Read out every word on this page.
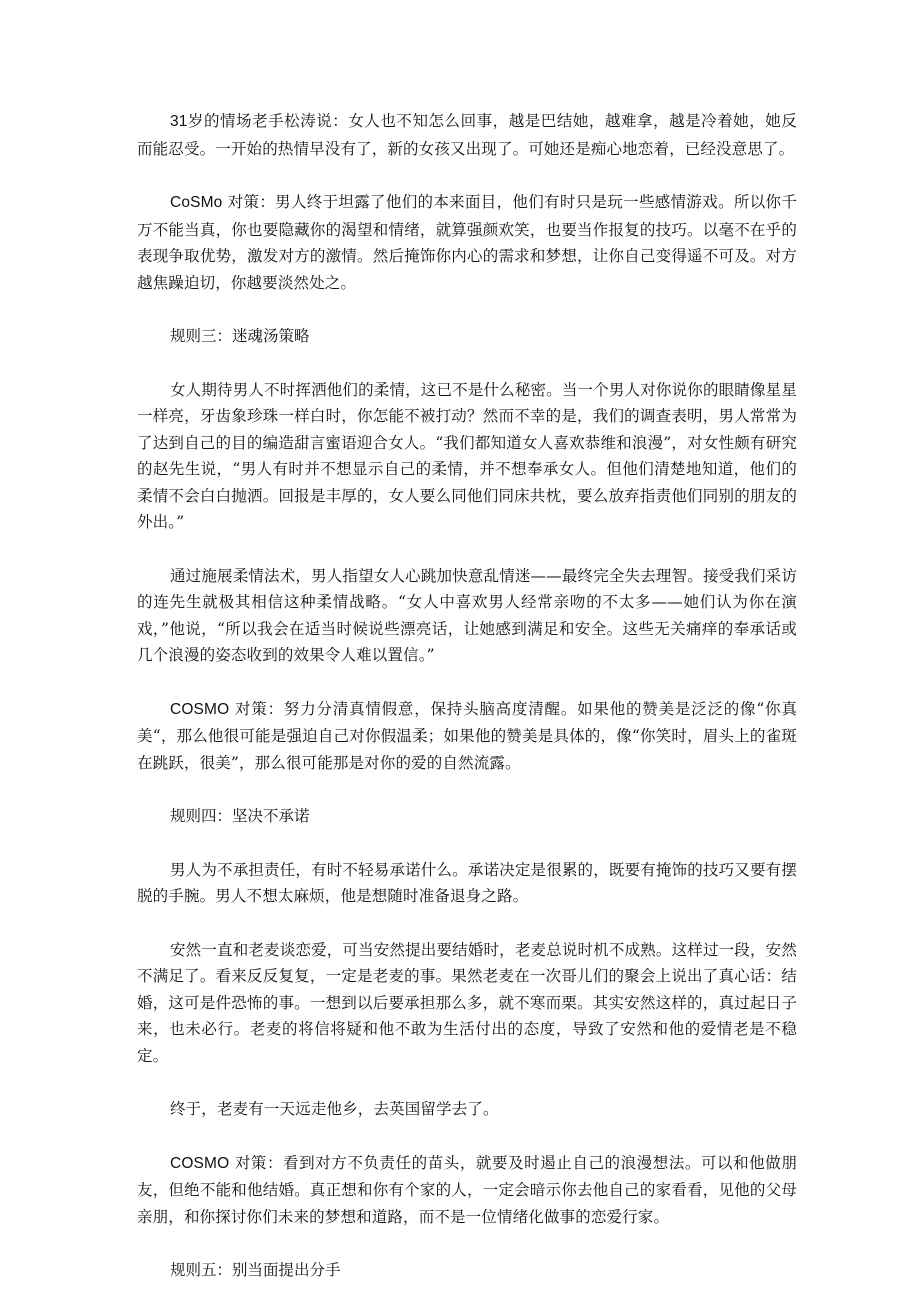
31岁的情场老手松涛说：女人也不知怎么回事，越是巴结她，越难拿，越是冷着她，她反而能忍受。一开始的热情早没有了，新的女孩又出现了。可她还是痴心地恋着，已经没意思了。

CoSMo 对策：男人终于坦露了他们的本来面目，他们有时只是玩一些感情游戏。所以你千万不能当真，你也要隐藏你的渴望和情绪，就算强颜欢笑，也要当作报复的技巧。以毫不在乎的表现争取优势，激发对方的激情。然后掩饰你内心的需求和梦想，让你自己变得遥不可及。对方越焦躁迫切，你越要淡然处之。

规则三：迷魂汤策略

女人期待男人不时挥洒他们的柔情，这已不是什么秘密。当一个男人对你说你的眼睛像星星一样亮，牙齿象珍珠一样白时，你怎能不被打动？然而不幸的是，我们的调查表明，男人常常为了达到自己的目的编造甜言蜜语迎合女人。“我们都知道女人喜欢恭维和浪漫”，对女性颇有研究的赵先生说，“男人有时并不想显示自己的柔情，并不想奉承女人。但他们清楚地知道，他们的柔情不会白白抛洒。回报是丰厚的，女人要么同他们同床共枕，要么放弃指责他们同别的朋友的外出。”

通过施展柔情法术，男人指望女人心跳加快意乱情迷——最终完全失去理智。接受我们采访的连先生就极其相信这种柔情战略。“女人中喜欢男人经常亲吻的不太多——她们认为你在演戏，”他说，“所以我会在适当时候说些漂亮话，让她感到满足和安全。这些无关痛痒的奉承话或几个浪漫的姿态收到的效果令人难以置信。”

COSMO 对策：努力分清真情假意，保持头脑高度清醒。如果他的赞美是泛泛的像“你真美“，那么他很可能是强迫自己对你假温柔；如果他的赞美是具体的，像“你笑时，眉头上的雀斑在跳跃，很美”，那么很可能那是对你的爱的自然流露。

规则四：坚决不承诺

男人为不承担责任，有时不轻易承诺什么。承诺决定是很累的，既要有掩饰的技巧又要有摆脱的手腕。男人不想太麻烦，他是想随时准备退身之路。

安然一直和老麦谈恋爱，可当安然提出要结婚时，老麦总说时机不成熟。这样过一段，安然不满足了。看来反反复复，一定是老麦的事。果然老麦在一次哥儿们的聚会上说出了真心话：结婚，这可是件恐怖的事。一想到以后要承担那么多，就不寒而栗。其实安然这样的，真过起日子来，也未必行。老麦的将信将疑和他不敢为生活付出的态度，导致了安然和他的爱情老是不稳定。

终于，老麦有一天远走他乡，去英国留学去了。

COSMO 对策：看到对方不负责任的苗头，就要及时遏止自己的浪漫想法。可以和他做朋友，但绝不能和他结婚。真正想和你有个家的人，一定会暗示你去他自己的家看看，见他的父母亲朋，和你探讨你们未来的梦想和道路，而不是一位情绪化做事的恋爱行家。

规则五：别当面提出分手
